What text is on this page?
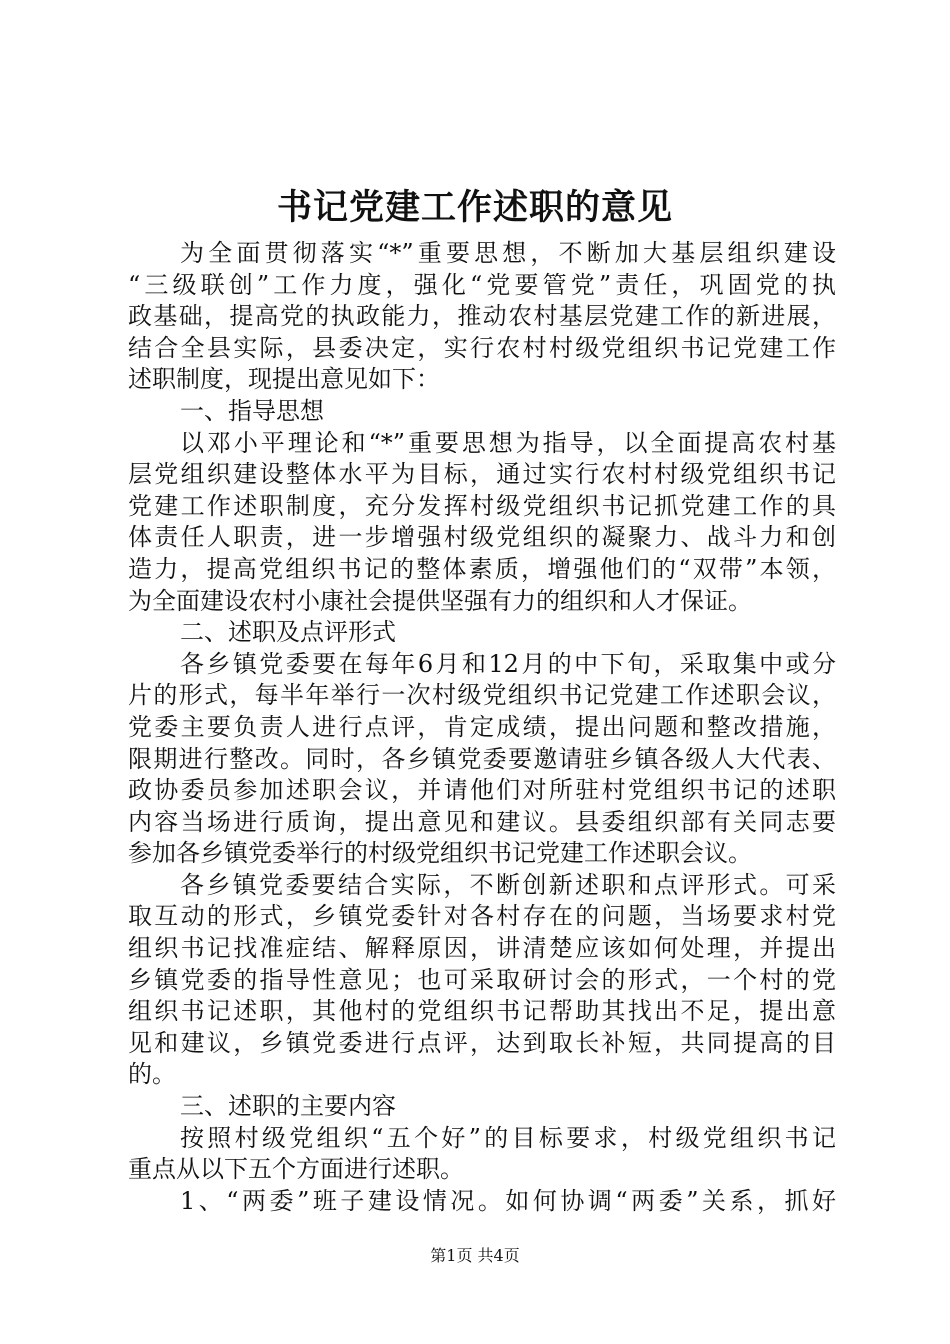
书记党建工作述职的意见
为全面贯彻落实“*”重要思想，不断加大基层组织建设
“三级联创”工作力度，强化“党要管党”责任，巩固党的执
政基础，提高党的执政能力，推动农村基层党建工作的新进展，
结合全县实际，县委决定，实行农村村级党组织书记党建工作
述职制度，现提出意见如下：
一、指导思想
以邓小平理论和“*”重要思想为指导，以全面提高农村基
层党组织建设整体水平为目标，通过实行农村村级党组织书记
党建工作述职制度，充分发挥村级党组织书记抓党建工作的具
体责任人职责，进一步增强村级党组织的凝聚力、战斗力和创
造力，提高党组织书记的整体素质，增强他们的“双带”本领，
为全面建设农村小康社会提供坚强有力的组织和人才保证。
二、述职及点评形式
各乡镇党委要在每年6月和12月的中下旬，采取集中或分
片的形式，每半年举行一次村级党组织书记党建工作述职会议，
党委主要负责人进行点评，肯定成绩，提出问题和整改措施，
限期进行整改。同时，各乡镇党委要邀请驻乡镇各级人大代表、
政协委员参加述职会议，并请他们对所驻村党组织书记的述职
内容当场进行质询，提出意见和建议。县委组织部有关同志要
参加各乡镇党委举行的村级党组织书记党建工作述职会议。
各乡镇党委要结合实际，不断创新述职和点评形式。可采
取互动的形式，乡镇党委针对各村存在的问题，当场要求村党
组织书记找准症结、解释原因，讲清楚应该如何处理，并提出
乡镇党委的指导性意见；也可采取研讨会的形式，一个村的党
组织书记述职，其他村的党组织书记帮助其找出不足，提出意
见和建议，乡镇党委进行点评，达到取长补短，共同提高的目
的。
三、述职的主要内容
按照村级党组织“五个好”的目标要求，村级党组织书记
重点从以下五个方面进行述职。
1、“两委”班子建设情况。如何协调“两委”关系，抓好
第1页 共4页
